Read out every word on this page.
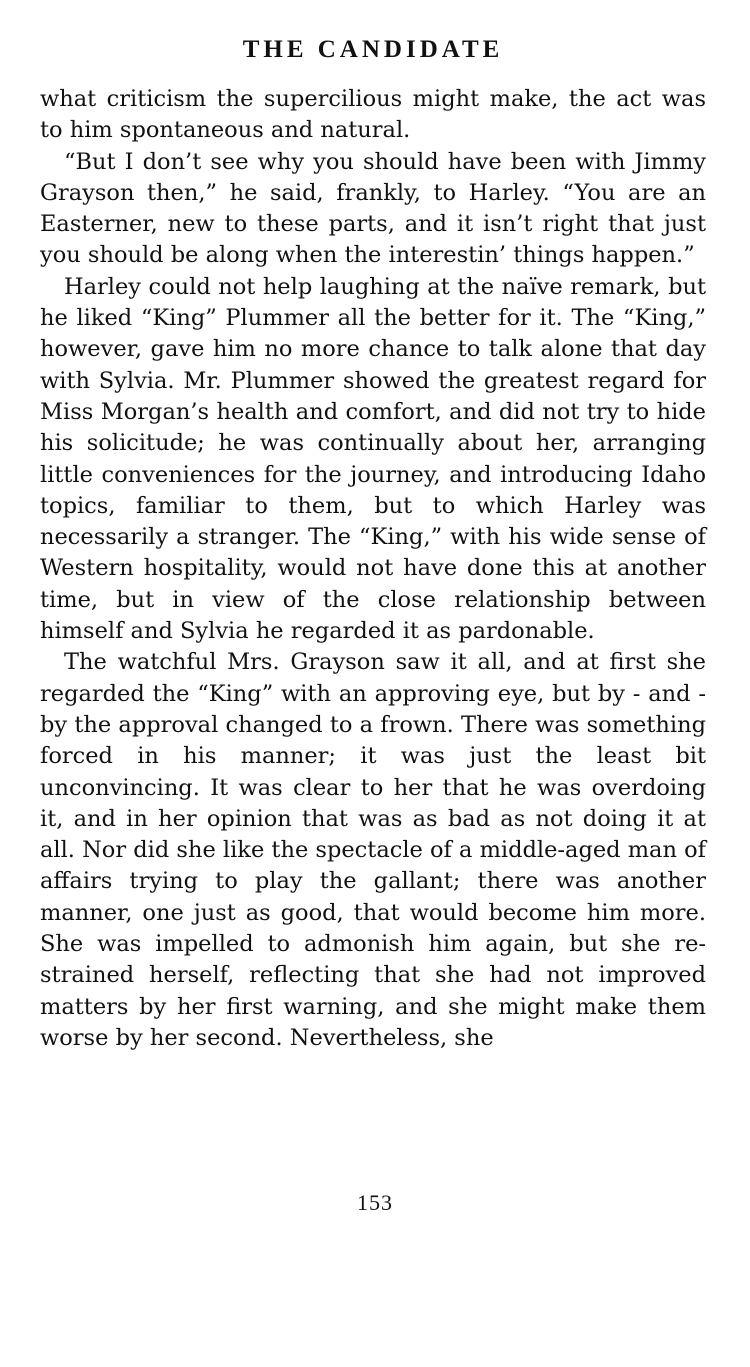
THE CANDIDATE

what criticism the supercilious might make, the act was to him spontaneous and natural.

“But I don’t see why you should have been with Jimmy Grayson then,” he said, frankly, to Harley. “You are an Easterner, new to these parts, and it isn’t right that just you should be along when the interestin’ things happen.”

Harley could not help laughing at the naïve remark, but he liked “King” Plummer all the better for it. The “King,” however, gave him no more chance to talk alone that day with Sylvia. Mr. Plummer showed the greatest regard for Miss Morgan’s health and comfort, and did not try to hide his solicitude; he was continually about her, arranging little conveniences for the journey, and introducing Idaho topics, familiar to them, but to which Harley was necessarily a stranger. The “King,” with his wide sense of Western hospitality, would not have done this at another time, but in view of the close relationship between himself and Sylvia he regarded it as pardonable.

The watchful Mrs. Grayson saw it all, and at first she regarded the “King” with an approving eye, but by - and - by the approval changed to a frown. There was something forced in his manner; it was just the least bit unconvincing. It was clear to her that he was overdoing it, and in her opinion that was as bad as not doing it at all. Nor did she like the spectacle of a middle-aged man of affairs trying to play the gallant; there was another manner, one just as good, that would become him more. She was impelled to admonish him again, but she restrained herself, reflecting that she had not improved matters by her first warning, and she might make them worse by her second. Nevertheless, she

153
